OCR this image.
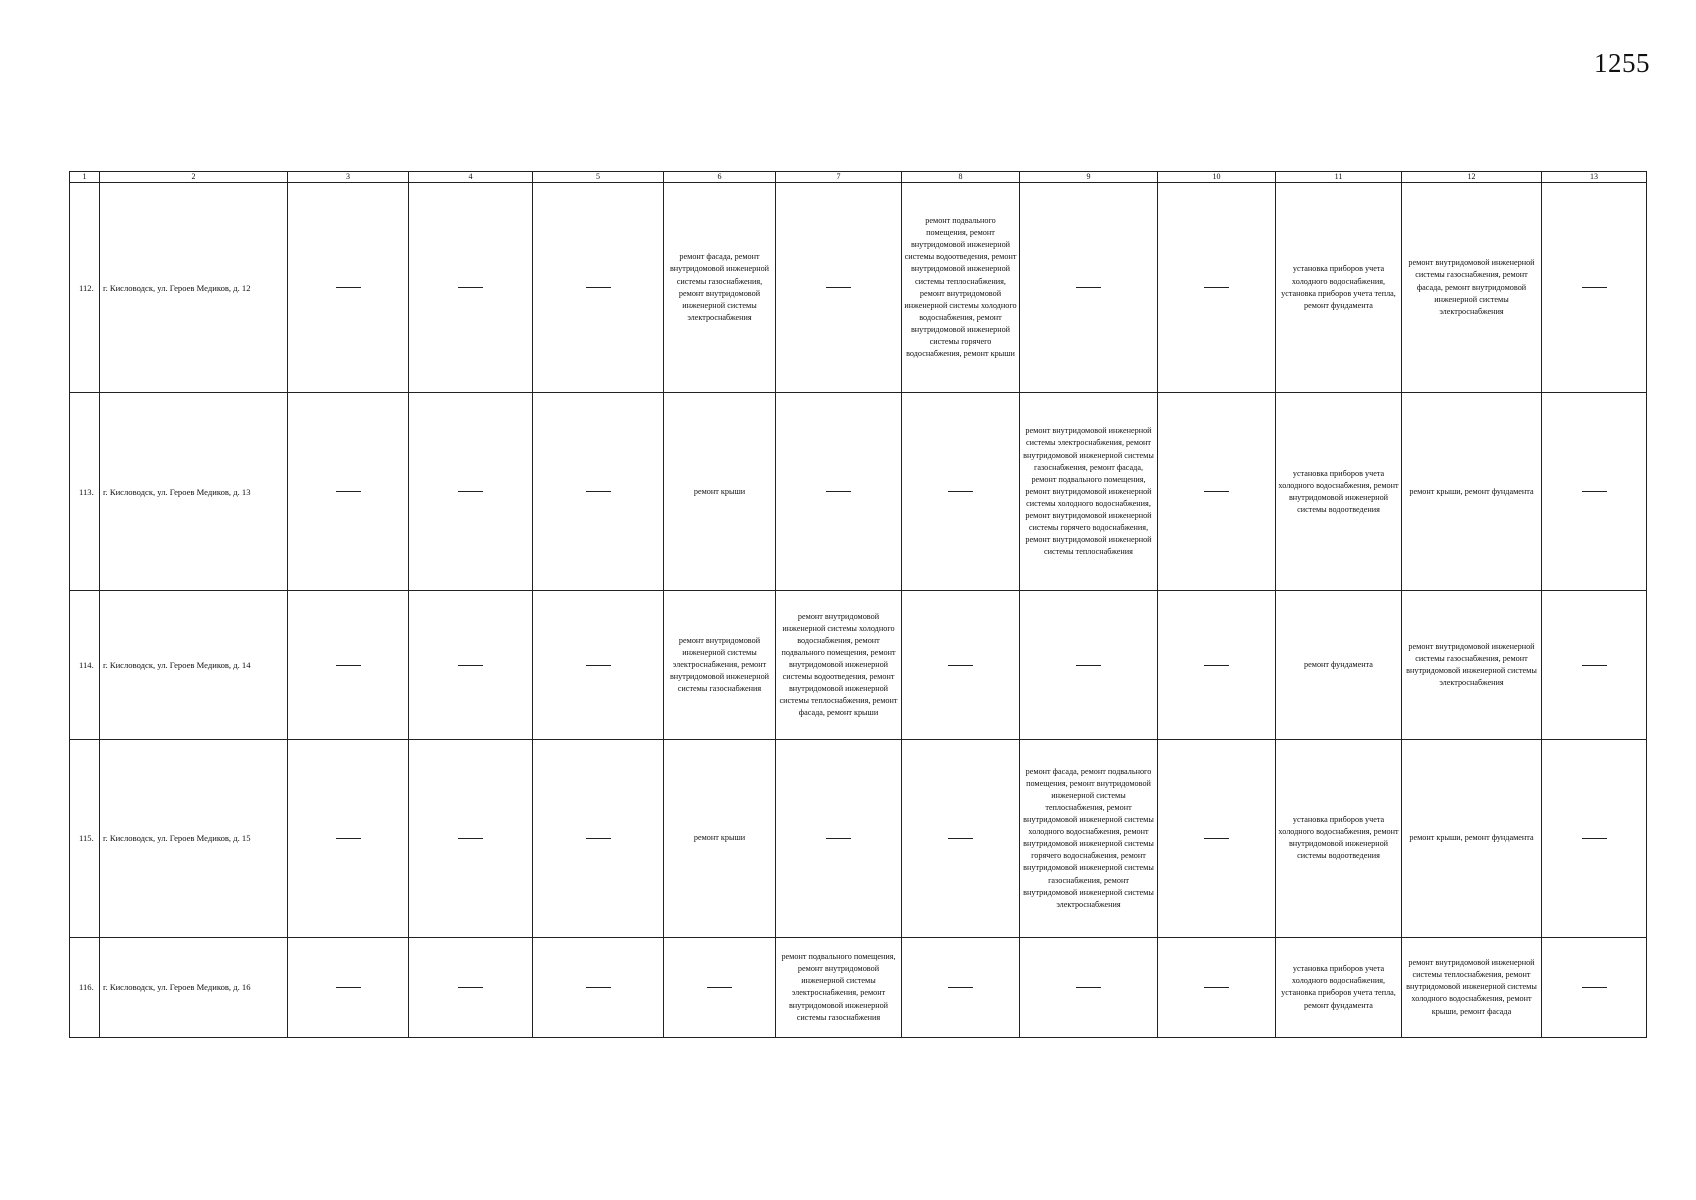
1255
1	2	3	4	5	6	7	8	9	10	11	12	13
112.	г. Кисловодск, ул. Героев Медиков, д. 12				ремонт фасада, ремонт внутридомовой инженерной системы газоснабжения, ремонт внутридомовой инженерной системы электроснабжения		ремонт подвального помещения, ремонт внутридомовой инженерной системы водоотведения, ремонт внутридомовой инженерной системы теплоснабжения, ремонт внутридомовой инженерной системы холодного водоснабжения, ремонт внутридомовой инженерной системы горячего водоснабжения, ремонт крыши			установка приборов учета холодного водоснабжения, установка приборов учета тепла, ремонт фундамента	ремонт внутридомовой инженерной системы газоснабжения, ремонт фасада, ремонт внутридомовой инженерной системы электроснабжения	
113.	г. Кисловодск, ул. Героев Медиков, д. 13				ремонт крыши			ремонт внутридомовой инженерной системы электроснабжения, ремонт внутридомовой инженерной системы газоснабжения, ремонт фасада, ремонт подвального помещения, ремонт внутридомовой инженерной системы холодного водоснабжения, ремонт внутридомовой инженерной системы горячего водоснабжения, ремонт внутридомовой инженерной системы теплоснабжения		установка приборов учета холодного водоснабжения, ремонт внутридомовой инженерной системы водоотведения	ремонт крыши, ремонт фундамента	
114.	г. Кисловодск, ул. Героев Медиков, д. 14				ремонт внутридомовой инженерной системы электроснабжения, ремонт внутридомовой инженерной системы газоснабжения	ремонт внутридомовой инженерной системы холодного водоснабжения, ремонт подвального помещения, ремонт внутридомовой инженерной системы водоотведения, ремонт внутридомовой инженерной системы теплоснабжения, ремонт фасада, ремонт крыши				ремонт фундамента	ремонт внутридомовой инженерной системы газоснабжения, ремонт внутридомовой инженерной системы электроснабжения	
115.	г. Кисловодск, ул. Героев Медиков, д. 15				ремонт крыши			ремонт фасада, ремонт подвального помещения, ремонт внутридомовой инженерной системы теплоснабжения, ремонт внутридомовой инженерной системы холодного водоснабжения, ремонт внутридомовой инженерной системы горячего водоснабжения, ремонт внутридомовой инженерной системы газоснабжения, ремонт внутридомовой инженерной системы электроснабжения		установка приборов учета холодного водоснабжения, ремонт внутридомовой инженерной системы водоотведения	ремонт крыши, ремонт фундамента	
116.	г. Кисловодск, ул. Героев Медиков, д. 16					ремонт подвального помещения, ремонт внутридомовой инженерной системы электроснабжения, ремонт внутридомовой инженерной системы газоснабжения				установка приборов учета холодного водоснабжения, установка приборов учета тепла, ремонт фундамента	ремонт внутридомовой инженерной системы теплоснабжения, ремонт внутридомовой инженерной системы холодного водоснабжения, ремонт крыши, ремонт фасада	
